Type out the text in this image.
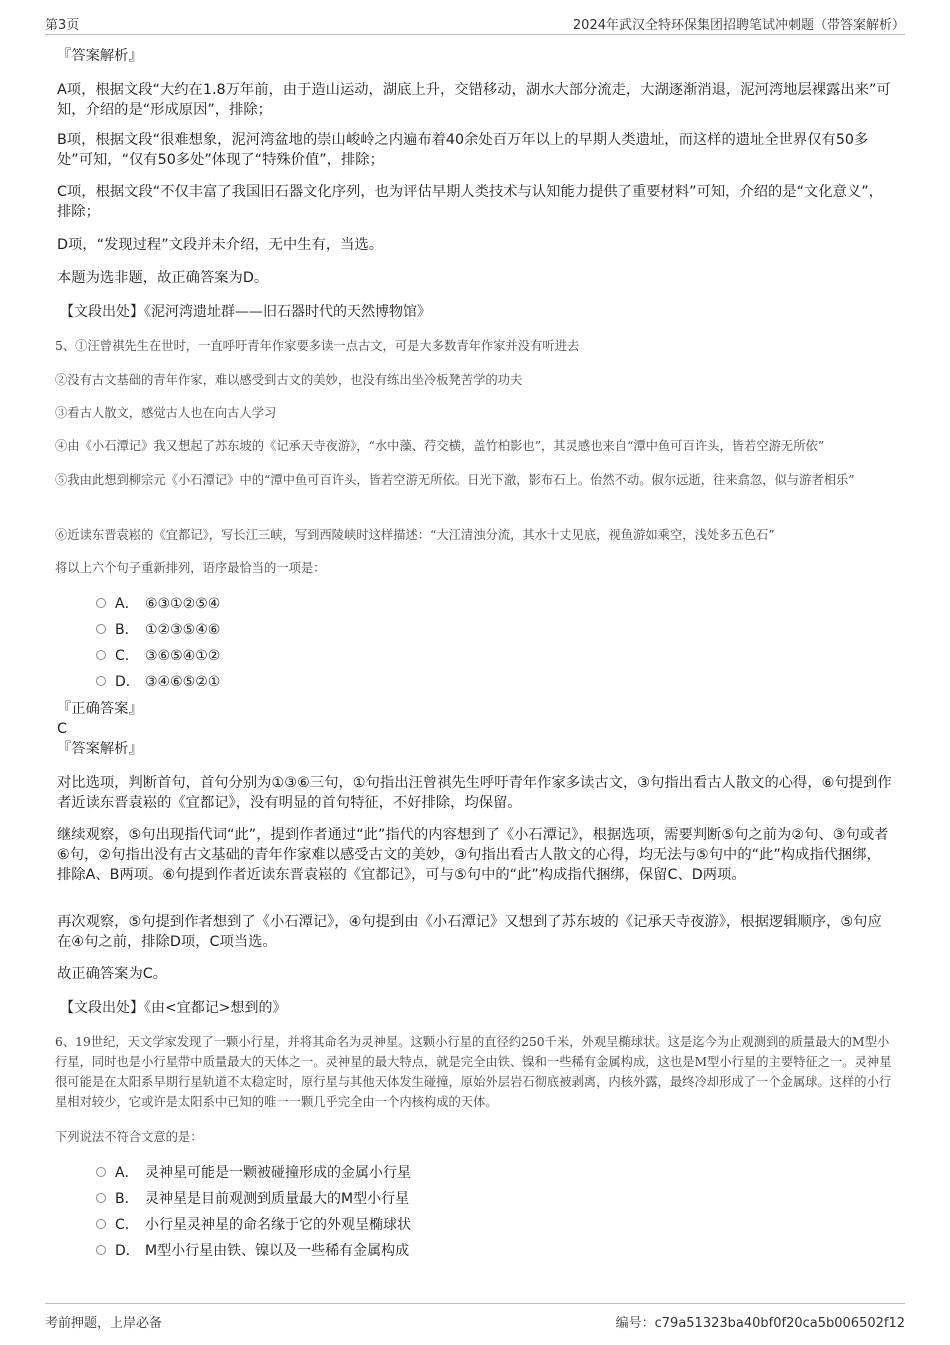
第3页	2024年武汉全特环保集团招聘笔试冲刺题（带答案解析）
『答案解析』
A项，根据文段“大约在1.8万年前，由于造山运动，湖底上升，交错移动，湖水大部分流走，大湖逐渐消退，泥河湾地层裸露出来”可知，介绍的是“形成原因”，排除；
B项，根据文段“很难想象，泥河湾盆地的崇山峻岭之内遍布着40余处百万年以上的早期人类遗址，而这样的遗址全世界仅有50多处”可知，“仅有50多处”体现了“特殊价值”，排除；
C项，根据文段“不仅丰富了我国旧石器文化序列，也为评估早期人类技术与认知能力提供了重要材料”可知，介绍的是“文化意义”，排除；
D项，“发现过程”文段并未介绍，无中生有，当选。
本题为选非题，故正确答案为D。
【文段出处】《泥河湾遗址群——旧石器时代的天然博物馆》
5、①汪曾祺先生在世时，一直呼吁青年作家要多读一点古文，可是大多数青年作家并没有听进去
②没有古文基础的青年作家，难以感受到古文的美妙，也没有练出坐冷板凳苦学的功夫
③看古人散文，感觉古人也在向古人学习
④由《小石潭记》我又想起了苏东坡的《记承天寺夜游》，“水中藻、荇交横，盖竹柏影也”，其灵感也来自“潭中鱼可百许头，皆若空游无所依”
⑤我由此想到柳宗元《小石潭记》中的“潭中鱼可百许头，皆若空游无所依。日光下澈，影布石上。佁然不动。俶尔远逝，往来翕忽，似与游者相乐”
⑥近读东晋袁崧的《宜都记》，写长江三峡，写到西陵峡时这样描述：“大江清浊分流，其水十丈见底，视鱼游如乘空，浅处多五色石”
将以上六个句子重新排列，语序最恰当的一项是：
A． ⑥③①②⑤④
B． ①②③⑤④⑥
C． ③⑥⑤④①②
D． ③④⑥⑤②①
『正确答案』
C
『答案解析』
对比选项，判断首句，首句分别为①③⑥三句，①句指出汪曾祺先生呼吁青年作家多读古文，③句指出看古人散文的心得，⑥句提到作者近读东晋袁崧的《宜都记》，没有明显的首句特征，不好排除，均保留。
继续观察，⑤句出现指代词“此”，提到作者通过“此”指代的内容想到了《小石潭记》，根据选项，需要判断⑤句之前为②句、③句或者⑥句，②句指出没有古文基础的青年作家难以感受古文的美妙，③句指出看古人散文的心得，均无法与⑤句中的“此”构成指代捆绑，排除A、B两项。⑥句提到作者近读东晋袁崧的《宜都记》，可与⑤句中的“此”构成指代捆绑，保留C、D两项。
再次观察，⑤句提到作者想到了《小石潭记》，④句提到由《小石潭记》又想到了苏东坡的《记承天寺夜游》，根据逻辑顺序，⑤句应在④句之前，排除D项，C项当选。
故正确答案为C。
【文段出处】《由<宜都记>想到的》
6、19世纪，天文学家发现了一颗小行星，并将其命名为灵神星。这颗小行星的直径约250千米，外观呈椭球状。这是迄今为止观测到的质量最大的M型小行星，同时也是小行星带中质量最大的天体之一。灵神星的最大特点，就是完全由铁、镍和一些稀有金属构成，这也是M型小行星的主要特征之一。灵神星很可能是在太阳系早期行星轨道不太稳定时，原行星与其他天体发生碰撞，原始外层岩石彻底被剥离，内核外露，最终冷却形成了一个金属球。这样的小行星相对较少，它或许是太阳系中已知的唯一一颗几乎完全由一个内核构成的天体。
下列说法不符合文意的是：
A． 灵神星可能是一颗被碰撞形成的金属小行星
B． 灵神星是目前观测到质量最大的M型小行星
C． 小行星灵神星的命名缘于它的外观呈椭球状
D． M型小行星由铁、镍以及一些稀有金属构成
考前押题，上岸必备	编号：c79a51323ba40bf0f20ca5b006502f12
